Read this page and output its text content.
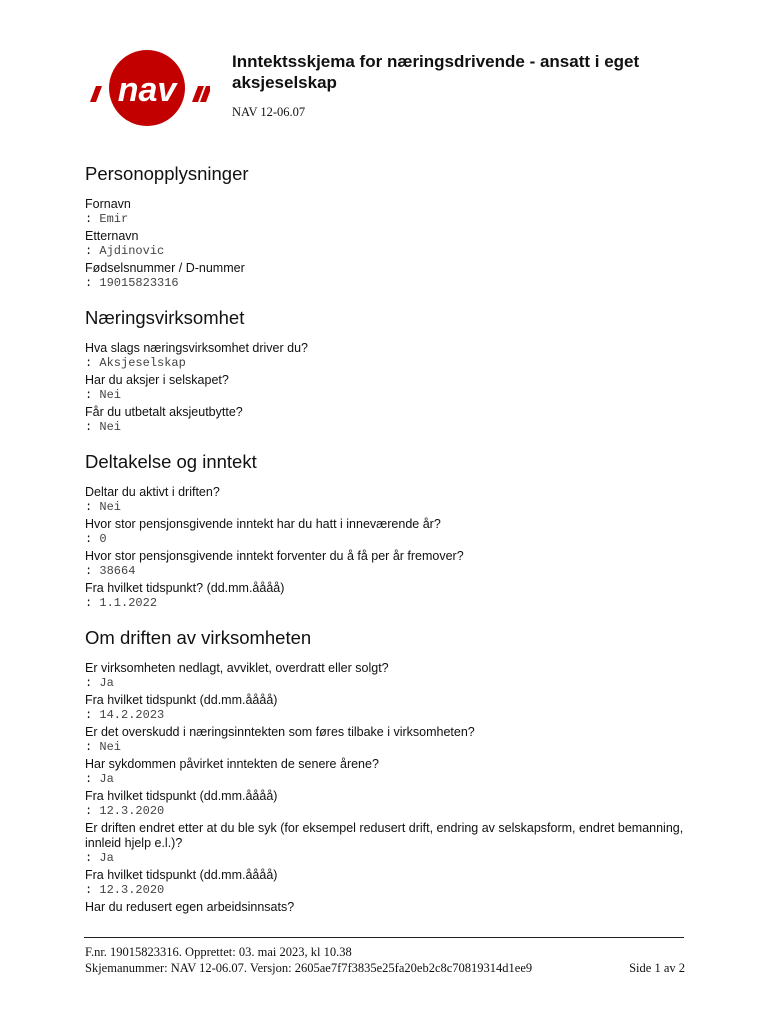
nav
Inntektsskjema for næringsdrivende - ansatt i eget aksjeselskap
NAV 12-06.07
Personopplysninger
Fornavn
: Emir
Etternavn
: Ajdinovic
Fødselsnummer / D-nummer
: 19015823316
Næringsvirksomhet
Hva slags næringsvirksomhet driver du?
: Aksjeselskap
Har du aksjer i selskapet?
: Nei
Får du utbetalt aksjeutbytte?
: Nei
Deltakelse og inntekt
Deltar du aktivt i driften?
: Nei
Hvor stor pensjonsgivende inntekt har du hatt i inneværende år?
: 0
Hvor stor pensjonsgivende inntekt forventer du å få per år fremover?
: 38664
Fra hvilket tidspunkt? (dd.mm.åååå)
: 1.1.2022
Om driften av virksomheten
Er virksomheten nedlagt, avviklet, overdratt eller solgt?
: Ja
Fra hvilket tidspunkt (dd.mm.åååå)
: 14.2.2023
Er det overskudd i næringsinntekten som føres tilbake i virksomheten?
: Nei
Har sykdommen påvirket inntekten de senere årene?
: Ja
Fra hvilket tidspunkt (dd.mm.åååå)
: 12.3.2020
Er driften endret etter at du ble syk (for eksempel redusert drift, endring av selskapsform, endret bemanning, innleid hjelp e.l.)?
: Ja
Fra hvilket tidspunkt (dd.mm.åååå)
: 12.3.2020
Har du redusert egen arbeidsinnsats?
F.nr. 19015823316. Opprettet: 03. mai 2023, kl 10.38
Skjemanummer: NAV 12-06.07. Versjon: 2605ae7f7f3835e25fa20eb2c8c70819314d1ee9	Side 1 av 2
